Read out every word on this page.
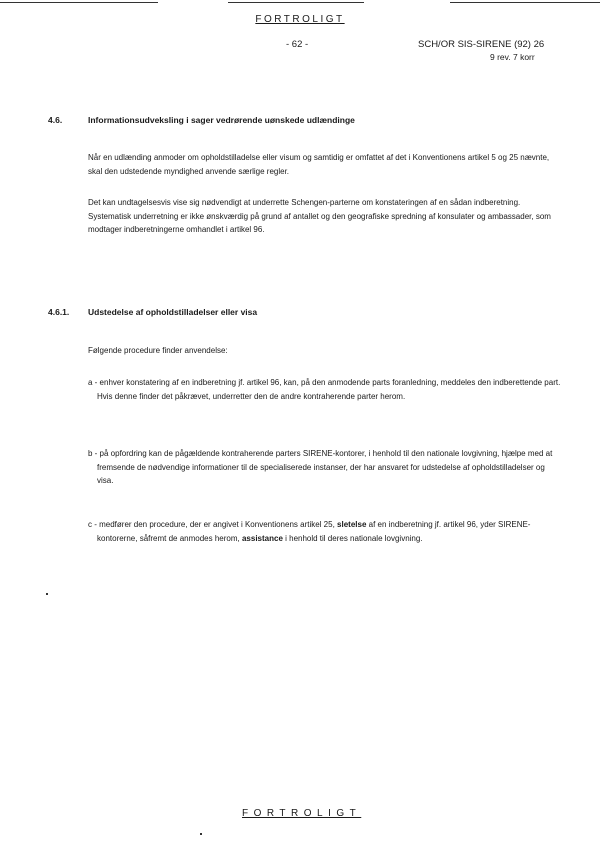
FORTROLIGT
- 62 -	SCH/OR SIS-SIRENE (92) 26
9 rev. 7 korr
4.6.	Informationsudveksling i sager vedrørende uønskede udlændinge
Når en udlænding anmoder om opholdstilladelse eller visum og samtidig er omfattet af det i Konventionens artikel 5 og 25 nævnte, skal den udstedende myndighed anvende særlige regler.
Det kan undtagelsesvis vise sig nødvendigt at underrette Schengen-parterne om konstateringen af en sådan indberetning. Systematisk underretning er ikke ønskværdig på grund af antallet og den geografiske spredning af konsulater og ambassader, som modtager indberetningerne omhandlet i artikel 96.
4.6.1. Udstedelse af opholdstilladelser eller visa
Følgende procedure finder anvendelse:
a - enhver konstatering af en indberetning jf. artikel 96, kan, på den anmodende parts foranledning, meddeles den indberettende part. Hvis denne finder det påkrævet, underretter den de andre kontraherende parter herom.
b - på opfordring kan de pågældende kontraherende parters SIRENE-kontorer, i henhold til den nationale lovgivning, hjælpe med at fremsende de nødvendige informationer til de specialiserede instanser, der har ansvaret for udstedelse af opholdstilladelser og visa.
c - medfører den procedure, der er angivet i Konventionens artikel 25, sletelse af en indberetning jf. artikel 96, yder SIRENE-kontorerne, såfremt de anmodes herom, assistance i henhold til deres nationale lovgivning.
FORTROLIGT
